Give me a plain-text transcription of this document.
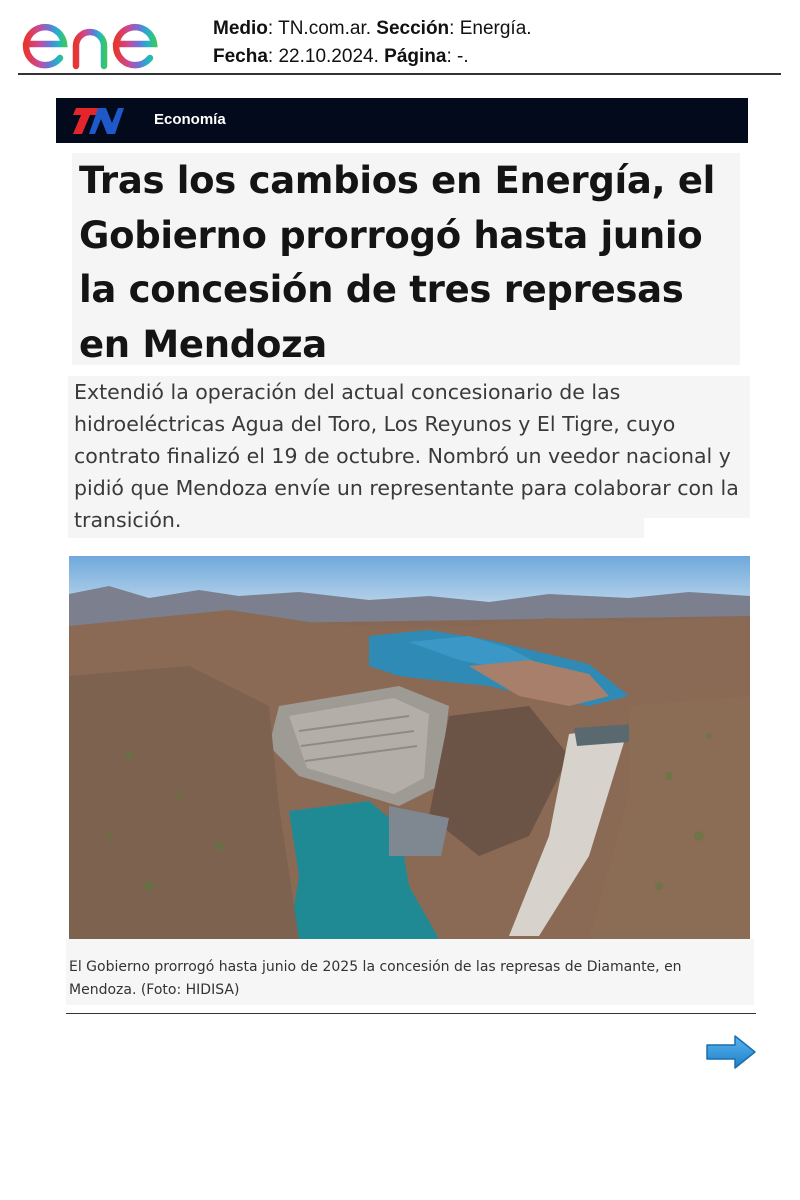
Medio: TN.com.ar. Sección: Energía.
Fecha: 22.10.2024. Página: -.
Economía
Tras los cambios en Energía, el Gobierno prorrogó hasta junio la concesión de tres represas en Mendoza

Extendió la operación del actual concesionario de las hidroeléctricas Agua del Toro, Los Reyunos y El Tigre, cuyo contrato finalizó el 19 de octubre. Nombró un veedor nacional y pidió que Mendoza envíe un representante para colaborar con la transición.

El Gobierno prorrogó hasta junio de 2025 la concesión de las represas de Diamante, en Mendoza. (Foto: HIDISA)
